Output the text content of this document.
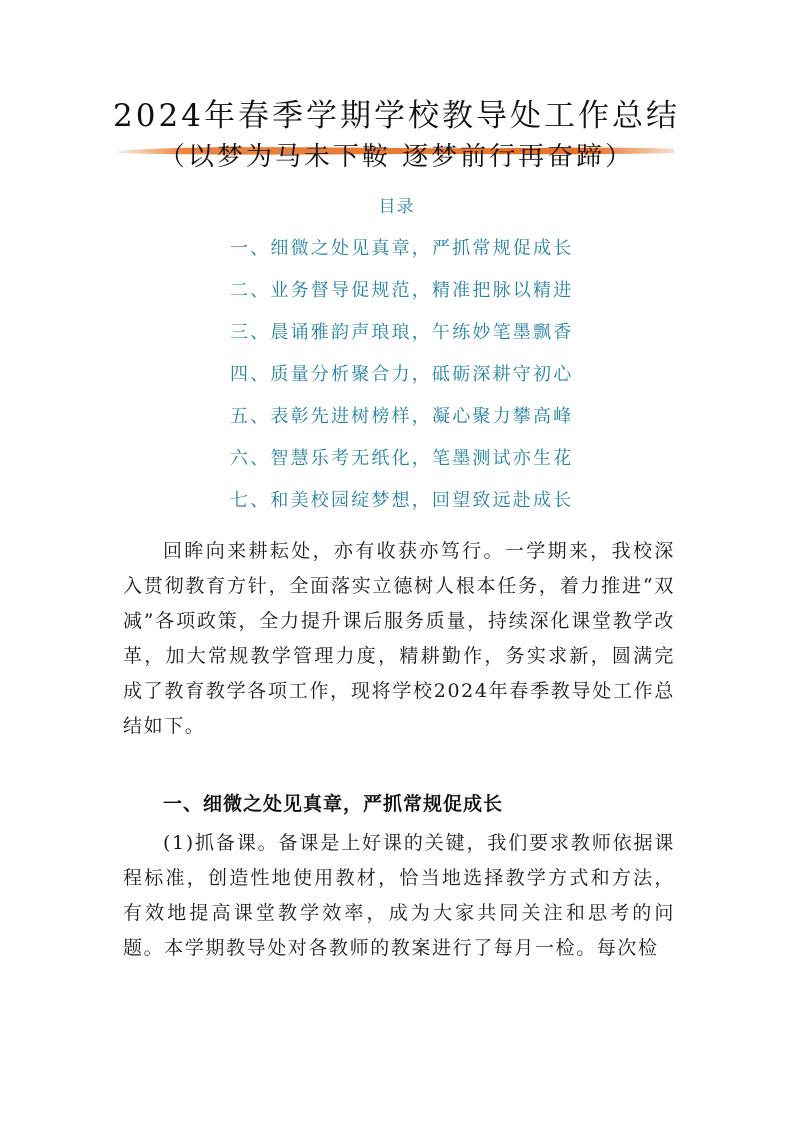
2024年春季学期学校教导处工作总结
（以梦为马未下鞍 逐梦前行再奋蹄）
目录
一、细微之处见真章，严抓常规促成长
二、业务督导促规范，精准把脉以精进
三、晨诵雅韵声琅琅，午练妙笔墨飘香
四、质量分析聚合力，砥砺深耕守初心
五、表彰先进树榜样，凝心聚力攀高峰
六、智慧乐考无纸化，笔墨测试亦生花
七、和美校园绽梦想，回望致远赴成长

回眸向来耕耘处，亦有收获亦笃行。一学期来，我校深入贯彻教育方针，全面落实立德树人根本任务，着力推进“双减”各项政策，全力提升课后服务质量，持续深化课堂教学改革，加大常规教学管理力度，精耕勤作，务实求新，圆满完成了教育教学各项工作，现将学校2024年春季教导处工作总结如下。

一、细微之处见真章，严抓常规促成长

(1)抓备课。备课是上好课的关键，我们要求教师依据课程标准，创造性地使用教材，恰当地选择教学方式和方法，有效地提高课堂教学效率，成为大家共同关注和思考的问题。本学期教导处对各教师的教案进行了每月一检。每次检
